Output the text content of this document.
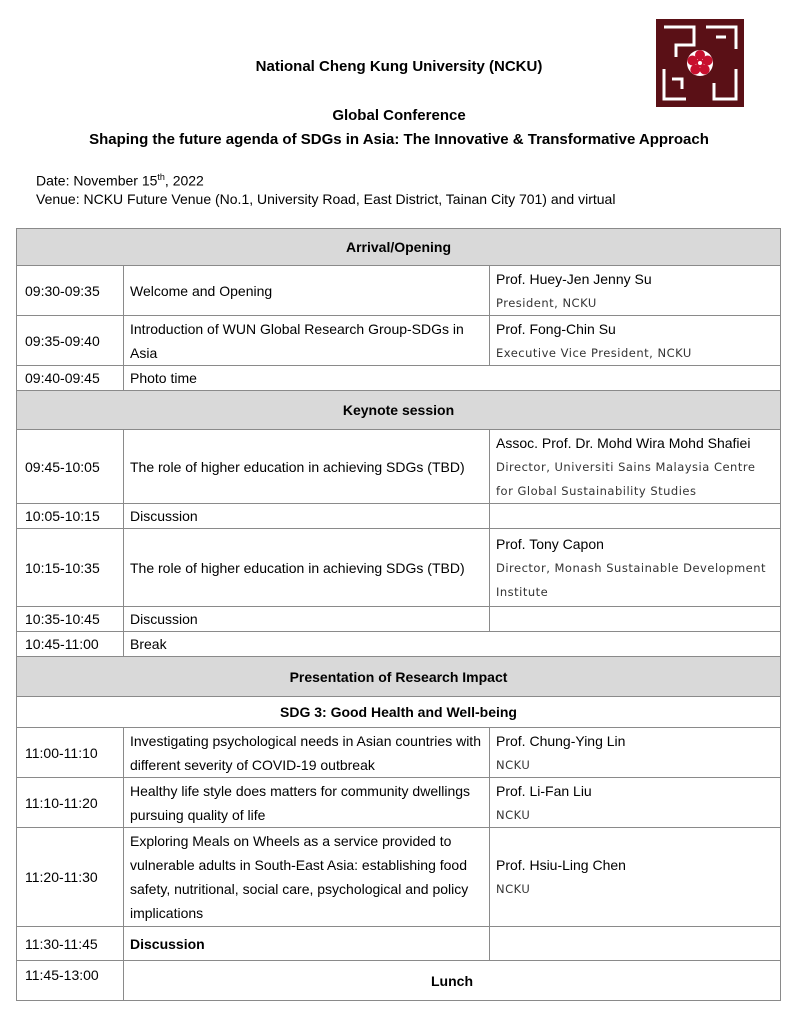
National Cheng Kung University (NCKU)
Global Conference
Shaping the future agenda of SDGs in Asia: The Innovative & Transformative Approach
Date: November 15th, 2022
Venue: NCKU Future Venue (No.1, University Road, East District, Tainan City 701) and virtual
Arrival/Opening		
09:30-09:35	Welcome and Opening	Prof. Huey-Jen Jenny Su
President, NCKU

09:35-09:40	Introduction of WUN Global Research Group-SDGs in Asia	Prof. Fong-Chin Su
Executive Vice President, NCKU

09:40-09:45	Photo time	
Keynote session		
09:45-10:05	The role of higher education in achieving SDGs (TBD)	Assoc. Prof. Dr. Mohd Wira Mohd Shafiei
Director, Universiti Sains Malaysia Centre for Global Sustainability Studies

10:05-10:15	Discussion	
10:15-10:35	The role of higher education in achieving SDGs (TBD)	Prof. Tony Capon
Director, Monash Sustainable Development Institute

10:35-10:45	Discussion	
10:45-11:00	Break	
Presentation of Research Impact		
SDG 3: Good Health and Well-being		
11:00-11:10	Investigating psychological needs in Asian countries with different severity of COVID-19 outbreak	Prof. Chung-Ying Lin
NCKU

11:10-11:20	Healthy life style does matters for community dwellings pursuing quality of life	Prof. Li-Fan Liu
NCKU

11:20-11:30	Exploring Meals on Wheels as a service provided to vulnerable adults in South-East Asia: establishing food safety, nutritional, social care, psychological and policy implications	Prof. Hsiu-Ling Chen
NCKU

11:30-11:45	Discussion	
11:45-13:00	Lunch	
